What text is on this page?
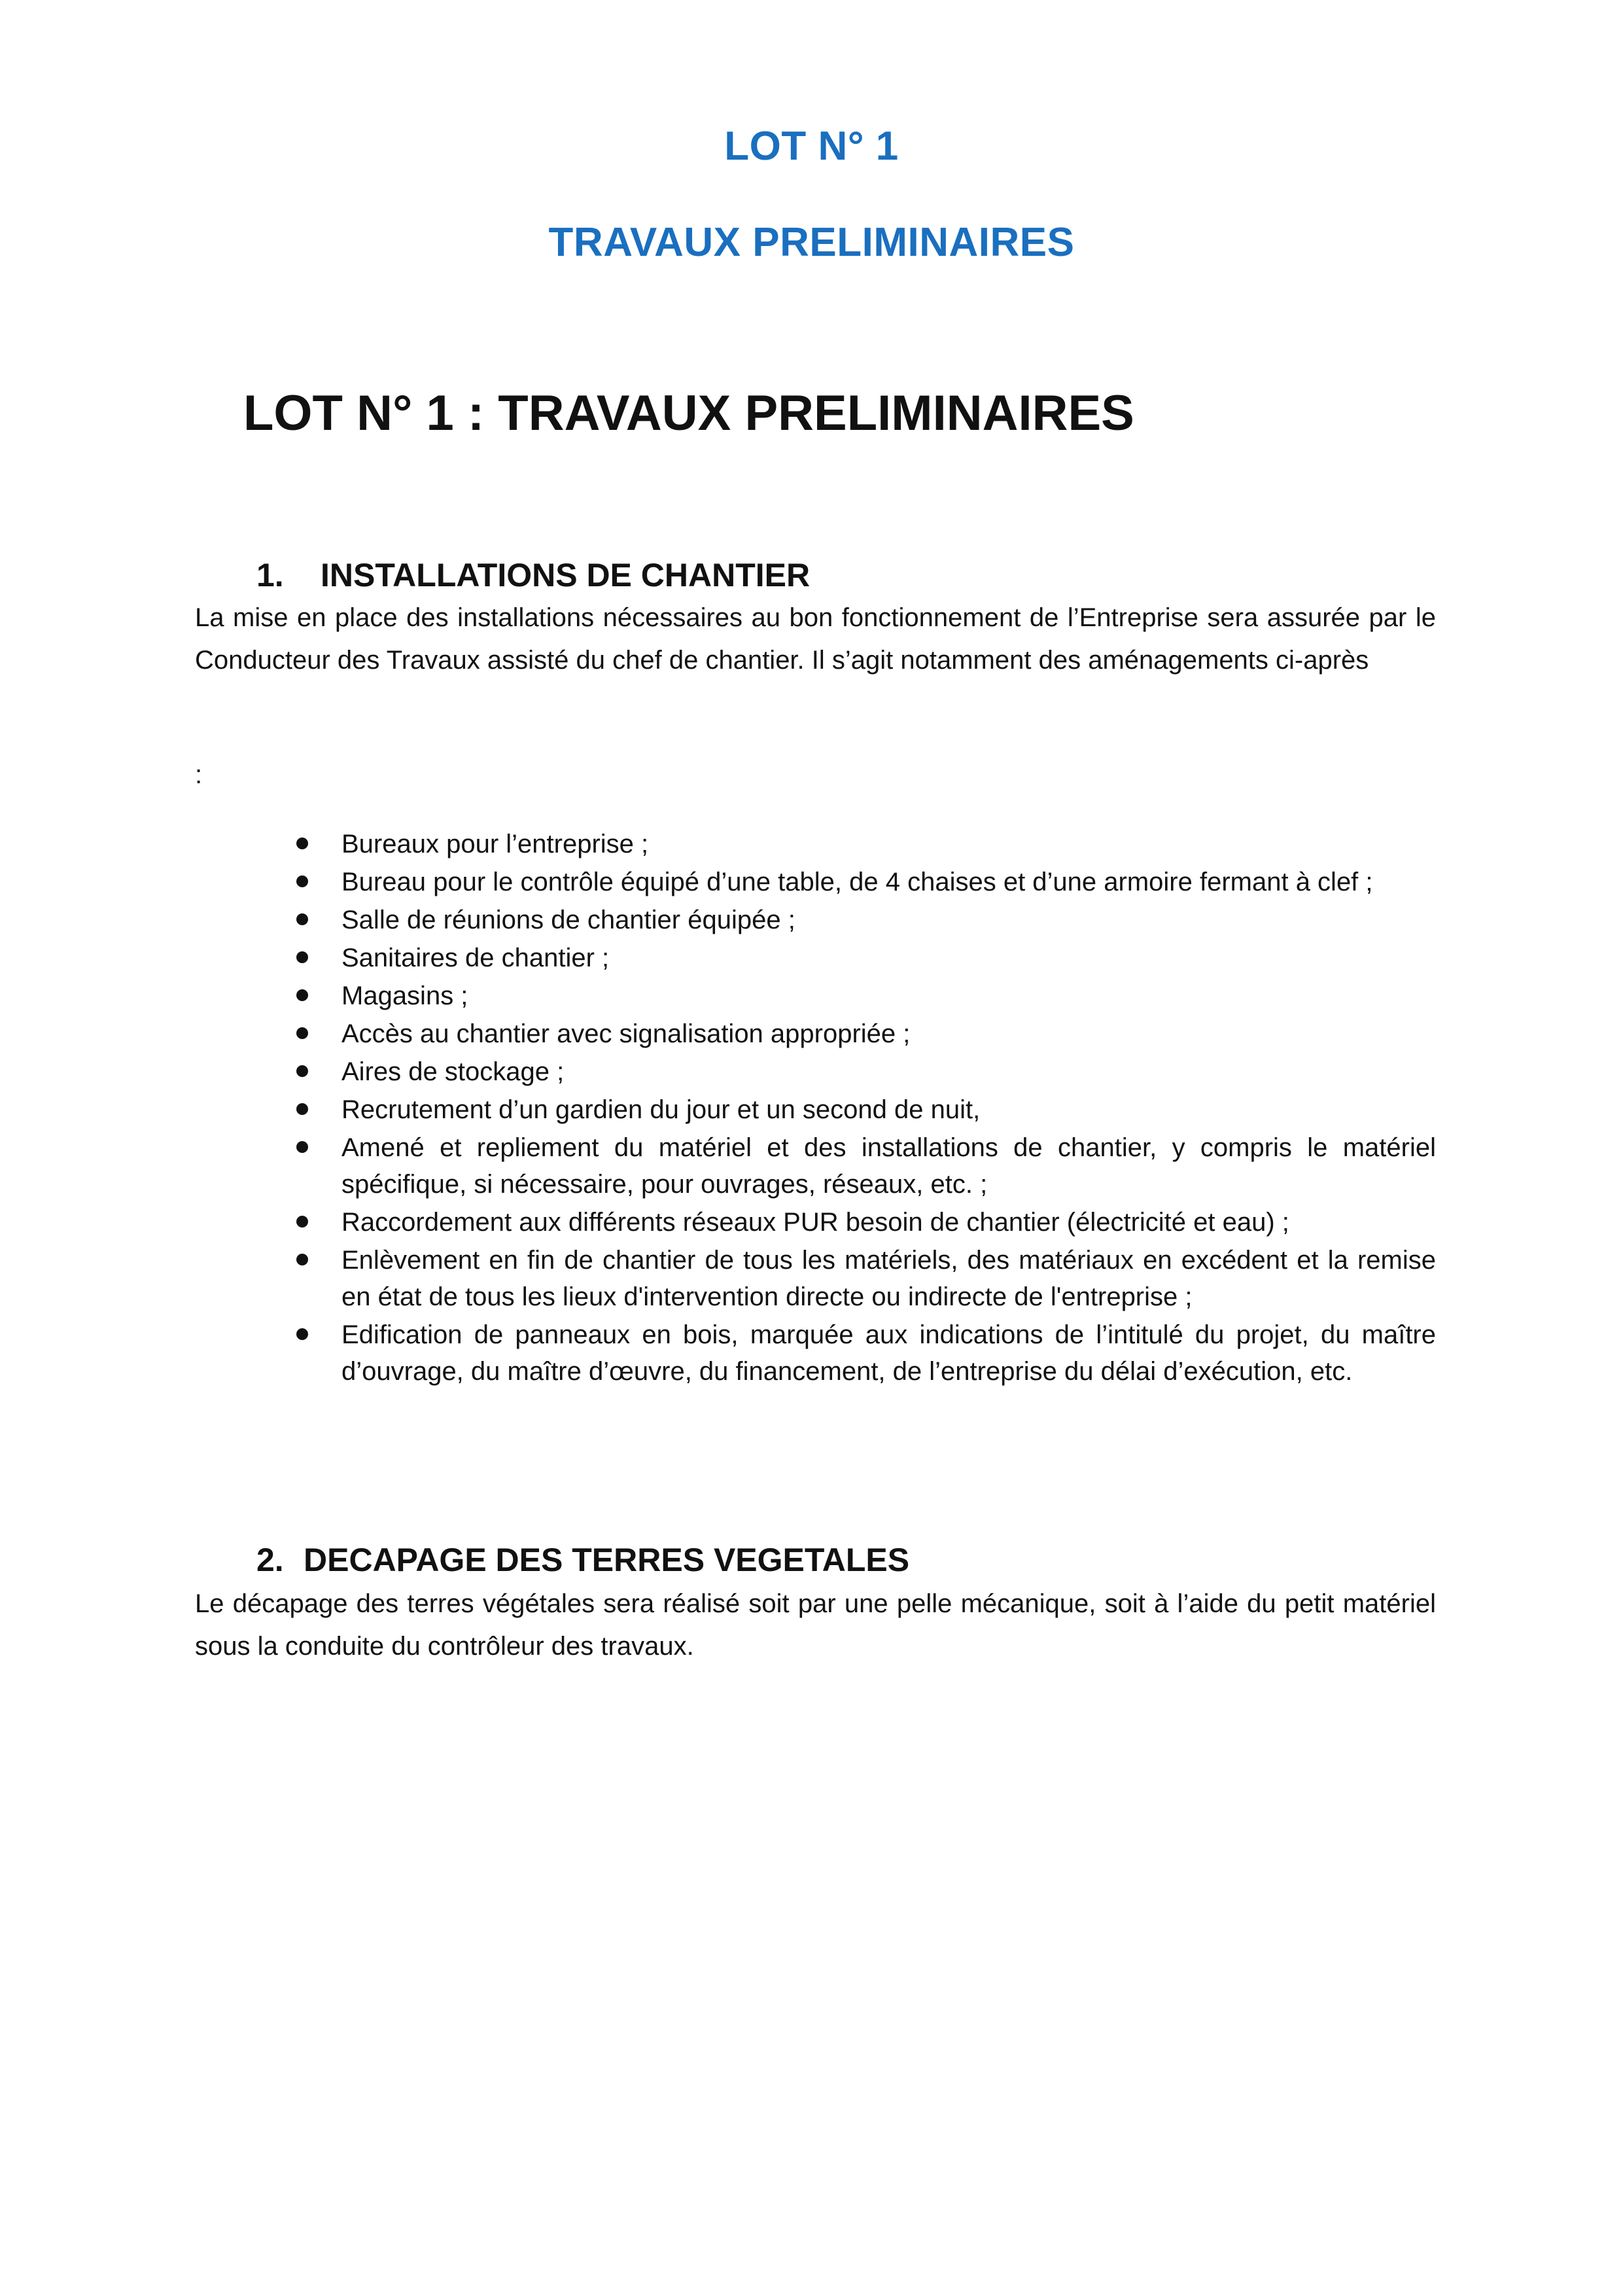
LOT N° 1
TRAVAUX PRELIMINAIRES
LOT N° 1 : TRAVAUX PRELIMINAIRES
1. INSTALLATIONS DE CHANTIER
La mise en place des installations nécessaires au bon fonctionnement de l’Entreprise sera assurée par le Conducteur des Travaux assisté du chef de chantier. Il s’agit notamment des aménagements ci-après
:
Bureaux pour l’entreprise ;
Bureau pour le contrôle équipé d’une table, de 4 chaises et d’une armoire fermant à clef ;
Salle de réunions de chantier équipée ;
Sanitaires de chantier ;
Magasins ;
Accès au chantier avec signalisation appropriée ;
Aires de stockage ;
Recrutement d’un gardien du jour et un second de nuit,
Amené et repliement du matériel et des installations de chantier, y compris le matériel spécifique, si nécessaire, pour ouvrages, réseaux, etc. ;
Raccordement aux différents réseaux PUR besoin de chantier (électricité et eau) ;
Enlèvement en fin de chantier de tous les matériels, des matériaux en excédent et la remise en état de tous les lieux d'intervention directe ou indirecte de l'entreprise ;
Edification de panneaux en bois, marquée aux indications de l’intitulé du projet, du maître d’ouvrage, du maître d’œuvre, du financement, de l’entreprise du délai d’exécution, etc.
2. DECAPAGE DES TERRES VEGETALES
Le décapage des terres végétales sera réalisé soit par une pelle mécanique, soit à l’aide du petit matériel sous la conduite du contrôleur des travaux.
